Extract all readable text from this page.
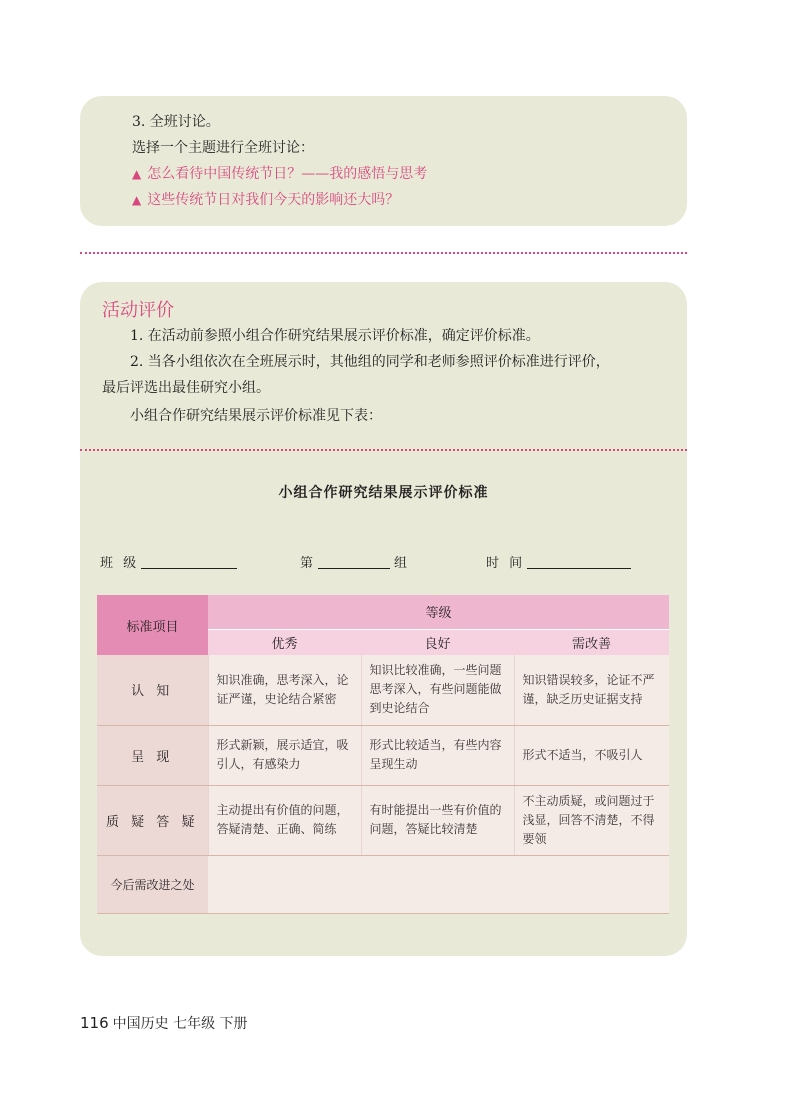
3. 全班讨论。
选择一个主题进行全班讨论：
▲ 怎么看待中国传统节日？——我的感悟与思考
▲ 这些传统节日对我们今天的影响还大吗？
活动评价
1. 在活动前参照小组合作研究结果展示评价标准，确定评价标准。
2. 当各小组依次在全班展示时，其他组的同学和老师参照评价标准进行评价，
最后评选出最佳研究小组。
小组合作研究结果展示评价标准见下表：
小组合作研究结果展示评价标准
班 级	第	组	时 间
标准项目	等级		
	优秀	良好	需改善
认 知	知识准确，思考深入，论证严谨，史论结合紧密	知识比较准确，一些问题思考深入，有些问题能做到史论结合	知识错误较多，论证不严谨，缺乏历史证据支持
呈 现	形式新颖，展示适宜，吸引人，有感染力	形式比较适当，有些内容呈现生动	形式不适当，不吸引人
质 疑 答 疑	主动提出有价值的问题，答疑清楚、正确、简练	有时能提出一些有价值的问题，答疑比较清楚	不主动质疑，或问题过于浅显，回答不清楚，不得要领
今后需改进之处			
116 中国历史 七年级 下册
